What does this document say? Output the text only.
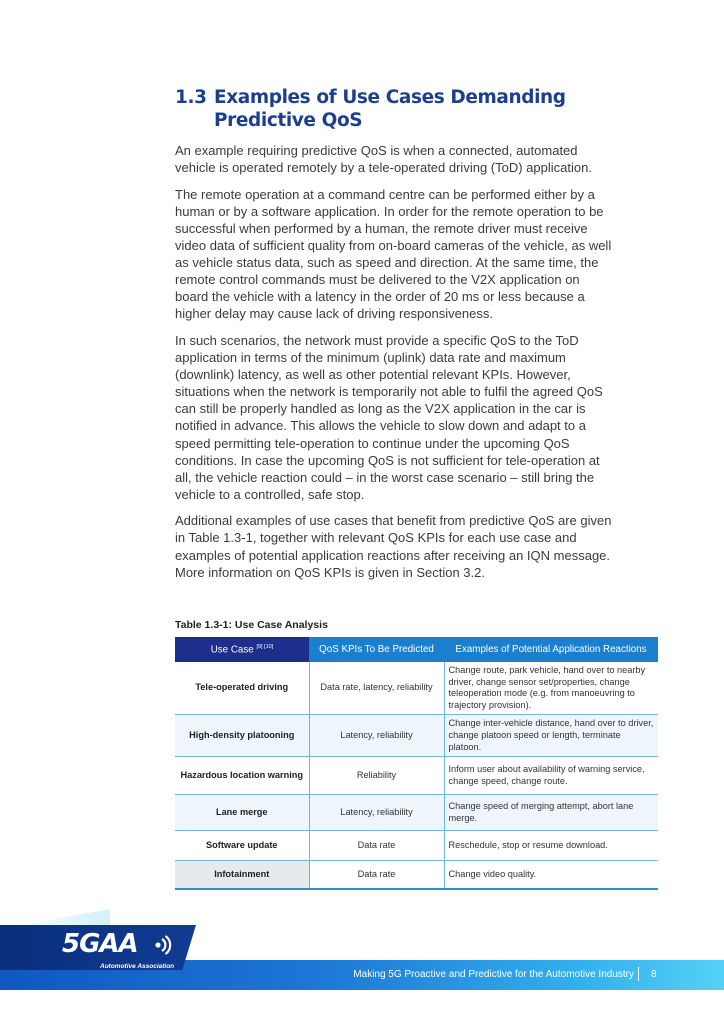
1.3 Examples of Use Cases Demanding
Predictive QoS

An example requiring predictive QoS is when a connected, automated vehicle is operated remotely by a tele-operated driving (ToD) application.

The remote operation at a command centre can be performed either by a human or by a software application. In order for the remote operation to be successful when performed by a human, the remote driver must receive video data of sufficient quality from on-board cameras of the vehicle, as well as vehicle status data, such as speed and direction. At the same time, the remote control commands must be delivered to the V2X application on board the vehicle with a latency in the order of 20 ms or less because a higher delay may cause lack of driving responsiveness.

In such scenarios, the network must provide a specific QoS to the ToD application in terms of the minimum (uplink) data rate and maximum (downlink) latency, as well as other potential relevant KPIs. However, situations when the network is temporarily not able to fulfil the agreed QoS can still be properly handled as long as the V2X application in the car is notified in advance. This allows the vehicle to slow down and adapt to a speed permitting tele-operation to continue under the upcoming QoS conditions. In case the upcoming QoS is not sufficient for tele-operation at all, the vehicle reaction could – in the worst case scenario – still bring the vehicle to a controlled, safe stop.

Additional examples of use cases that benefit from predictive QoS are given in Table 1.3-1, together with relevant QoS KPIs for each use case and examples of potential application reactions after receiving an IQN message. More information on QoS KPIs is given in Section 3.2.

Table 1.3-1: Use Case Analysis
Use Case [9] [10]	QoS KPIs To Be Predicted	Examples of Potential Application Reactions
Tele-operated driving	Data rate, latency, reliability	Change route, park vehicle, hand over to nearby driver, change sensor set/properties, change teleoperation mode (e.g. from manoeuvring to trajectory provision).
High-density platooning	Latency, reliability	Change inter-vehicle distance, hand over to driver, change platoon speed or length, terminate platoon.
Hazardous location warning	Reliability	Inform user about availability of warning service, change speed, change route.
Lane merge	Latency, reliability	Change speed of merging attempt, abort lane merge.
Software update	Data rate	Reschedule, stop or resume download.
Infotainment	Data rate	Change video quality.
5GAA
Automotive Association
Making 5G Proactive and Predictive for the Automotive Industry 8
